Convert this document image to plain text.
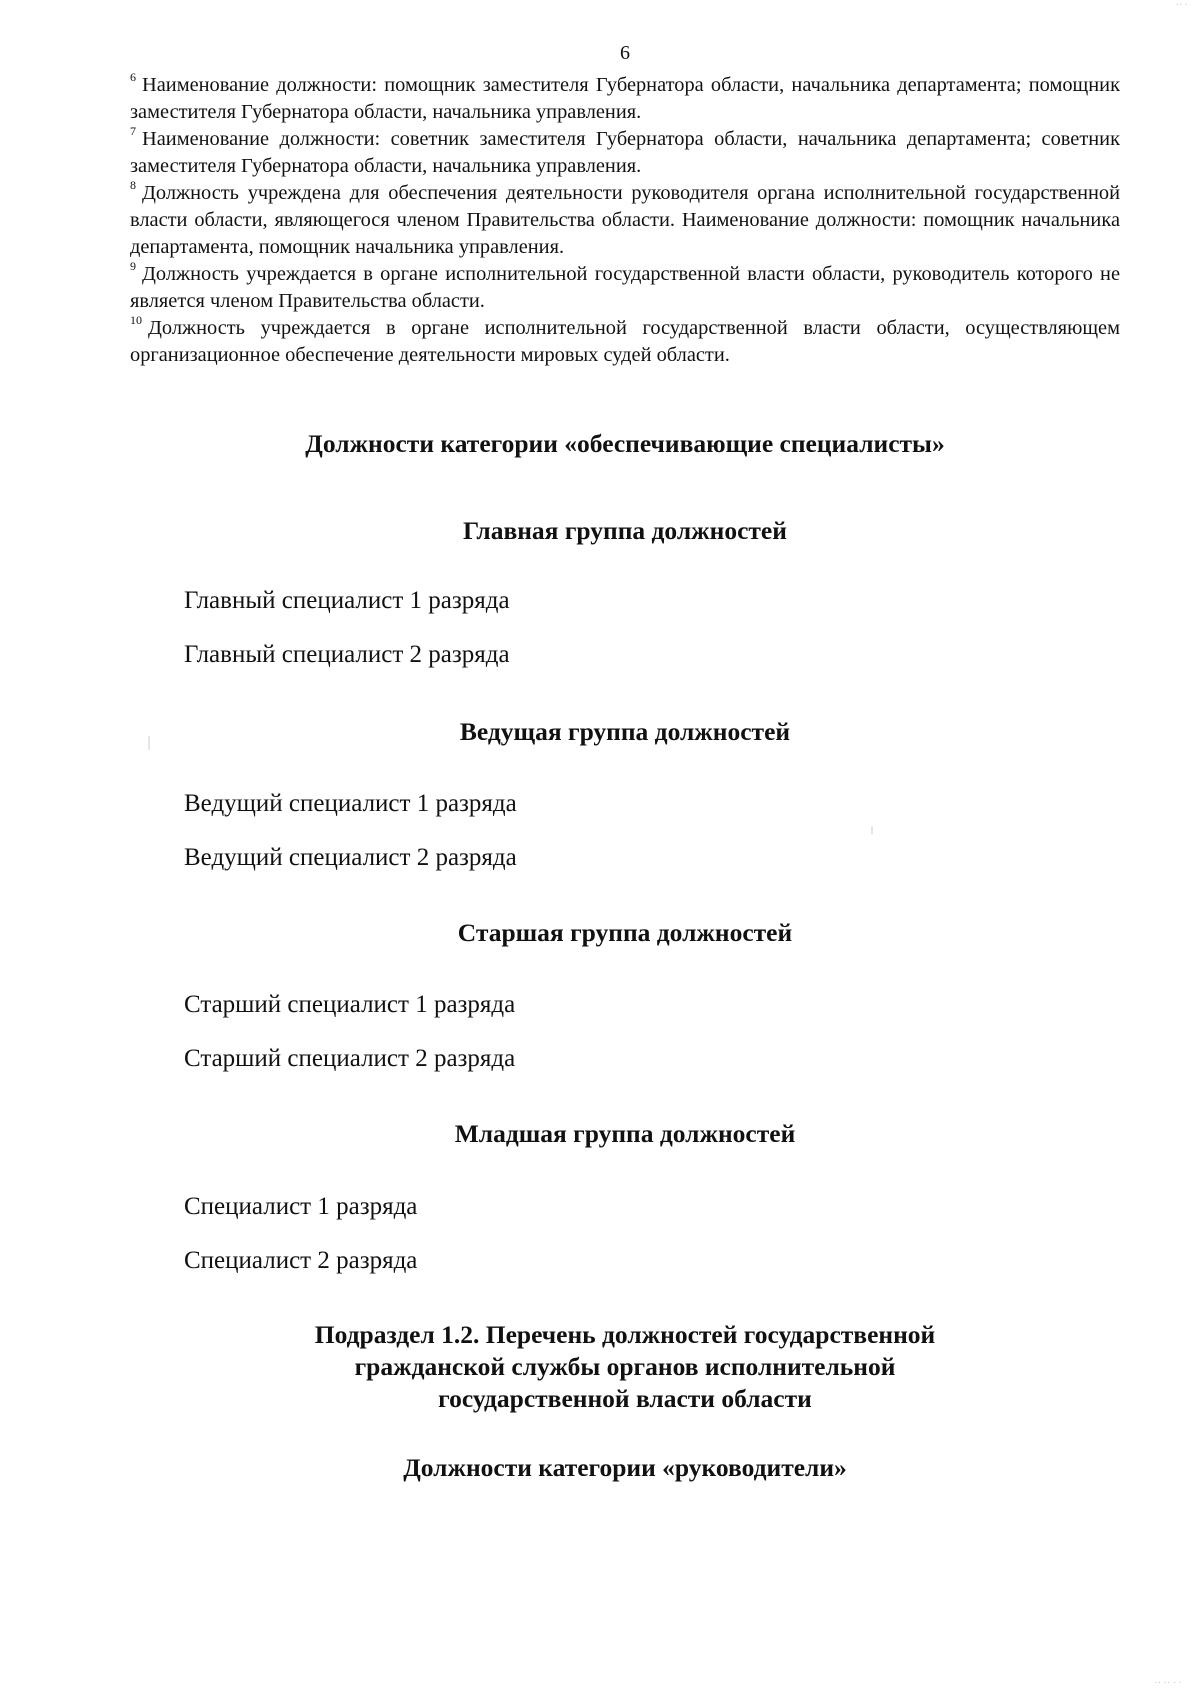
6

$^6$ Наименование должности: помощник заместителя Губернатора области, начальника департамента; помощник заместителя Губернатора области, начальника управления.

$^7$ Наименование должности: советник заместителя Губернатора области, начальника департамента; советник заместителя Губернатора области, начальника управления.

$^8$ Должность учреждена для обеспечения деятельности руководителя органа исполнительной государственной власти области, являющегося членом Правительства области. Наименование должности: помощник начальника департамента, помощник начальника управления.

$^9$ Должность учреждается в органе исполнительной государственной власти области, руководитель которого не является членом Правительства области.

$^{10}$ Должность учреждается в органе исполнительной государственной власти области, осуществляющем организационное обеспечение деятельности мировых судей области.

Должности категории «обеспечивающие специалисты»
Главная группа должностей
Главный специалист 1 разряда
Главный специалист 2 разряда
Ведущая группа должностей
Ведущий специалист 1 разряда
Ведущий специалист 2 разряда
Старшая группа должностей
Старший специалист 1 разряда
Старший специалист 2 разряда
Младшая группа должностей
Специалист 1 разряда
Специалист 2 разряда
Подраздел 1.2. Перечень должностей государственной
гражданской службы органов исполнительной
государственной власти области
Должности категории «руководители»
·· ·
·· ·· · ·
